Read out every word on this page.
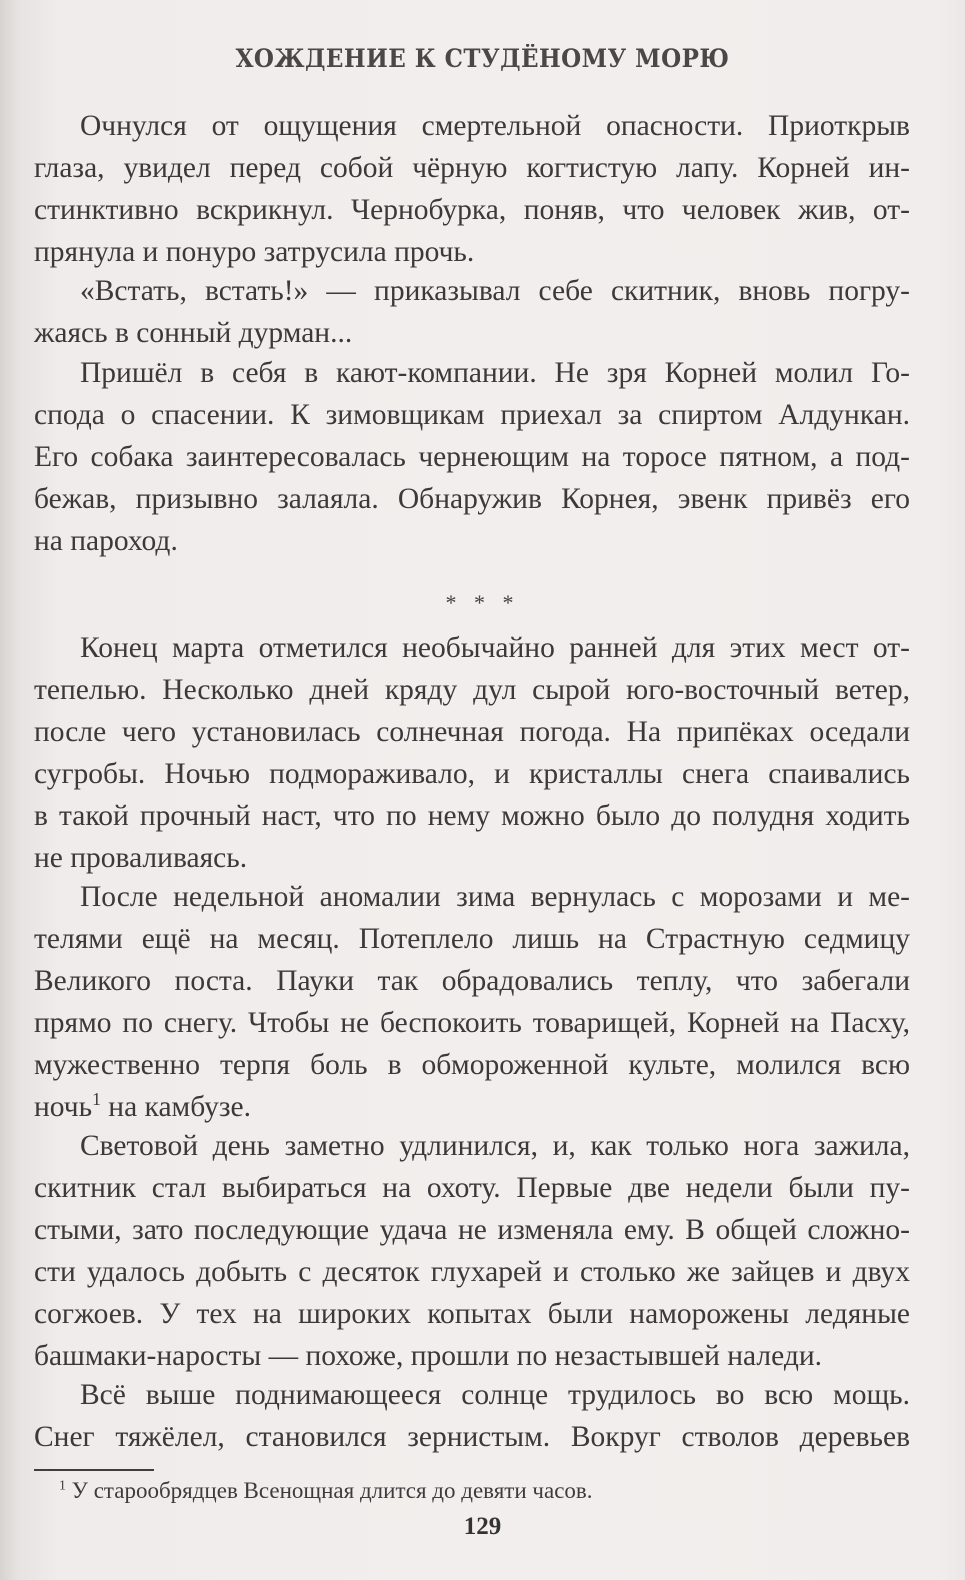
ХОЖДЕНИЕ К СТУДЁНОМУ МОРЮ
Очнулся от ощущения смертельной опасности. Приоткрыв
глаза, увидел перед собой чёрную когтистую лапу. Корней ин-
стинктивно вскрикнул. Чернобурка, поняв, что человек жив, от-
прянула и понуро затрусила прочь.
«Встать, встать!» — приказывал себе скитник, вновь погру-
жаясь в сонный дурман...
Пришёл в себя в кают-компании. Не зря Корней молил Го-
спода о спасении. К зимовщикам приехал за спиртом Алдункан.
Его собака заинтересовалась чернеющим на торосе пятном, а под-
бежав, призывно залаяла. Обнаружив Корнея, эвенк привёз его
на пароход.
* * *
Конец марта отметился необычайно ранней для этих мест от-
тепелью. Несколько дней кряду дул сырой юго-восточный ветер,
после чего установилась солнечная погода. На припёках оседали
сугробы. Ночью подмораживало, и кристаллы снега спаивались
в такой прочный наст, что по нему можно было до полудня ходить
не проваливаясь.
После недельной аномалии зима вернулась с морозами и ме-
телями ещё на месяц. Потеплело лишь на Страстную седмицу
Великого поста. Пауки так обрадовались теплу, что забегали
прямо по снегу. Чтобы не беспокоить товарищей, Корней на Пасху,
мужественно терпя боль в обмороженной культе, молился всю
ночь$^1$ на камбузе.
Световой день заметно удлинился, и, как только нога зажила,
скитник стал выбираться на охоту. Первые две недели были пу-
стыми, зато последующие удача не изменяла ему. В общей сложно-
сти удалось добыть с десяток глухарей и столько же зайцев и двух
согжоев. У тех на широких копытах были наморожены ледяные
башмаки-наросты — похоже, прошли по незастывшей наледи.
Всё выше поднимающееся солнце трудилось во всю мощь.
Снег тяжёлел, становился зернистым. Вокруг стволов деревьев
$^1$ У старообрядцев Всенощная длится до девяти часов.
129
